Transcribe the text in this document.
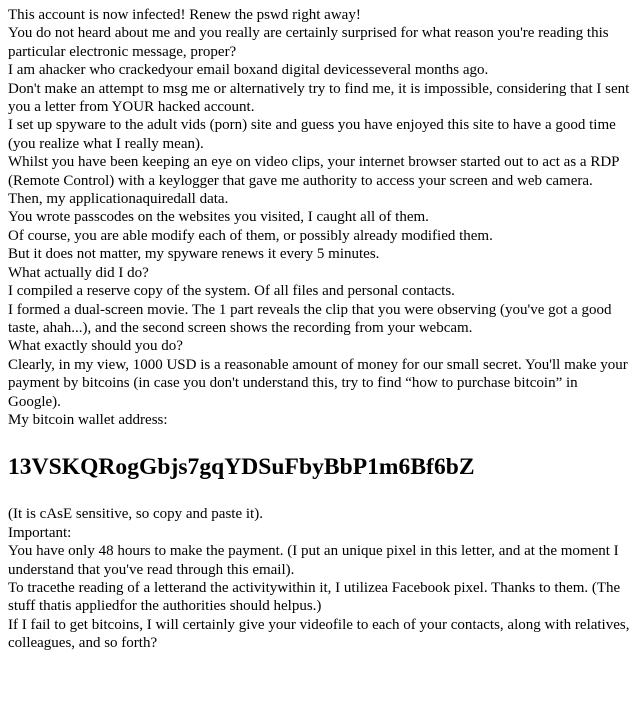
This account is now infected! Renew the pswd right away!

You do not heard about me and you really are certainly surprised for what reason you're reading this particular electronic message, proper?

I am ahacker who crackedyour email boxand digital devicesseveral months ago.

Don't make an attempt to msg me or alternatively try to find me, it is impossible, considering that I sent you a letter from YOUR hacked account.

I set up spyware to the adult vids (porn) site and guess you have enjoyed this site to have a good time (you realize what I really mean).

Whilst you have been keeping an eye on video clips, your internet browser started out to act as a RDP (Remote Control) with a keylogger that gave me authority to access your screen and web camera.

Then, my applicationaquiredall data.

You wrote passcodes on the websites you visited, I caught all of them.

Of course, you are able modify each of them, or possibly already modified them.

But it does not matter, my spyware renews it every 5 minutes.

What actually did I do?

I compiled a reserve copy of the system. Of all files and personal contacts.

I formed a dual-screen movie. The 1 part reveals the clip that you were observing (you've got a good taste, ahah...), and the second screen shows the recording from your webcam.

What exactly should you do?

Clearly, in my view, 1000 USD is a reasonable amount of money for our small secret. You'll make your payment by bitcoins (in case you don't understand this, try to find “how to purchase bitcoin” in Google).

My bitcoin wallet address:

13VSKQRogGbjs7gqYDSuFbyBbP1m6Bf6bZ

(It is cAsE sensitive, so copy and paste it).

Important:

You have only 48 hours to make the payment. (I put an unique pixel in this letter, and at the moment I understand that you've read through this email).

To tracethe reading of a letterand the activitywithin it, I utilizea Facebook pixel. Thanks to them. (The stuff thatis appliedfor the authorities should helpus.)

If I fail to get bitcoins, I will certainly give your videofile to each of your contacts, along with relatives, colleagues, and so forth?
